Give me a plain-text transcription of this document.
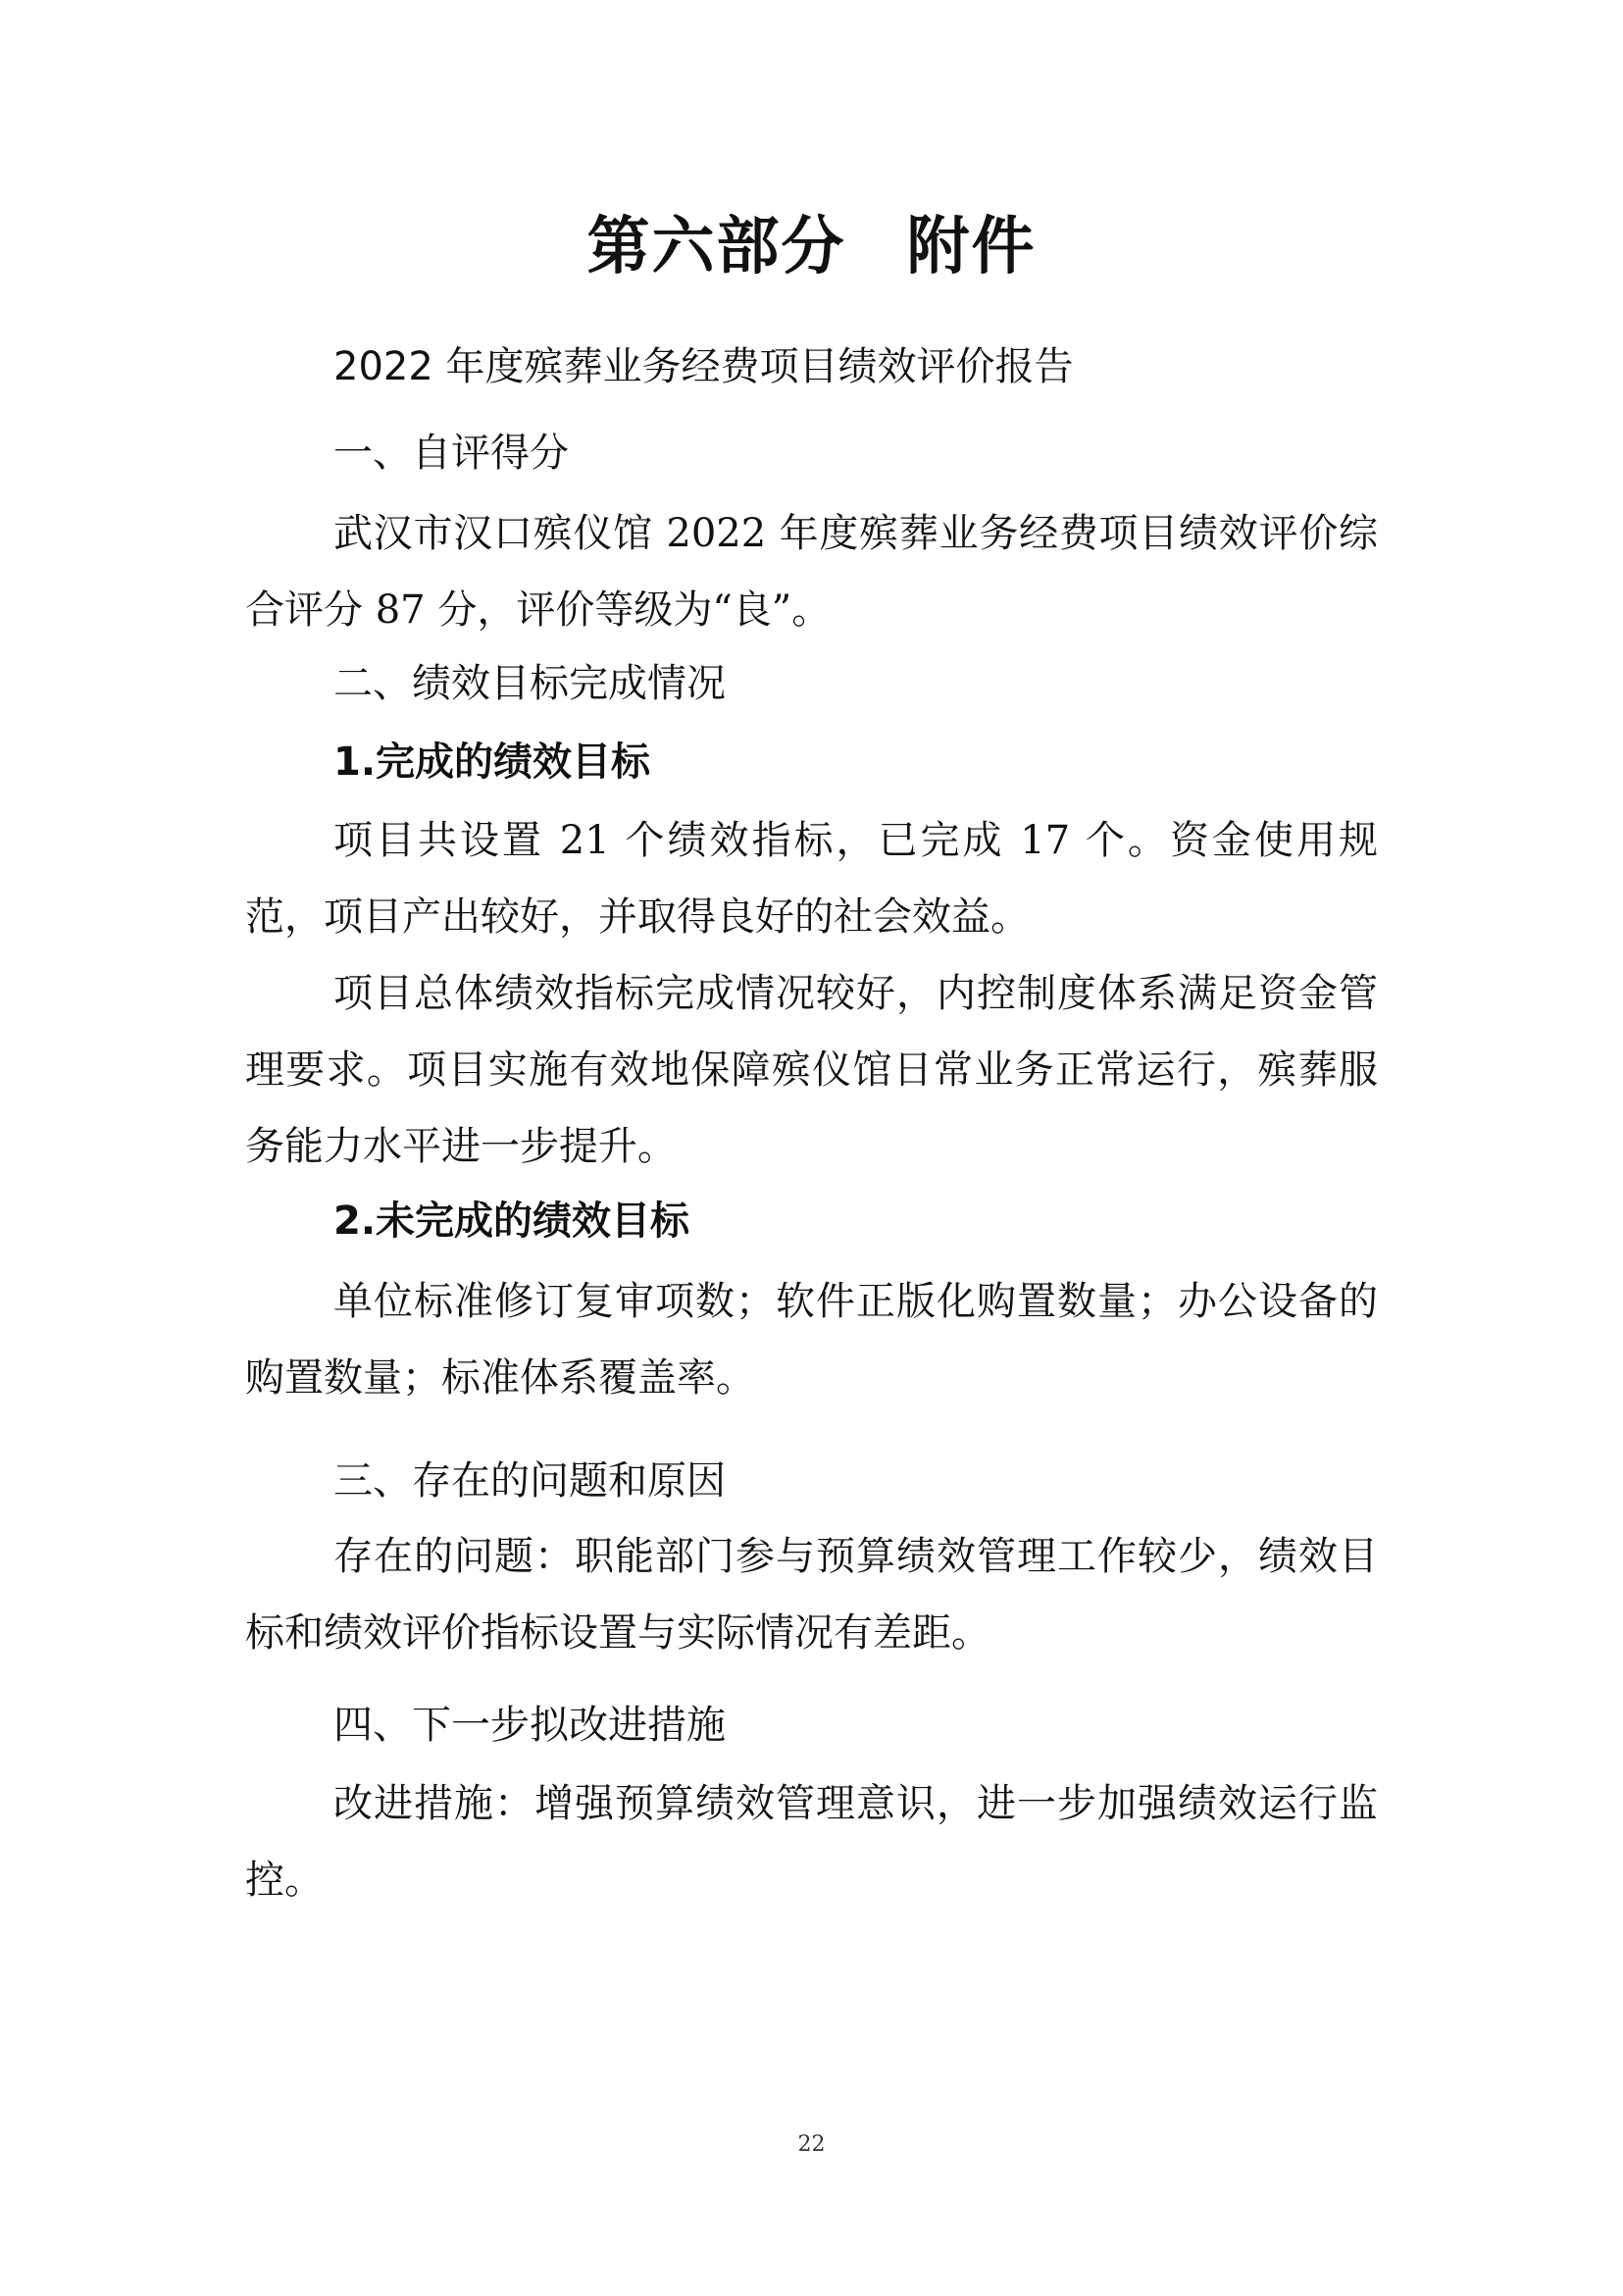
第六部分 附件
2022 年度殡葬业务经费项目绩效评价报告
一、自评得分

武汉市汉口殡仪馆 2022 年度殡葬业务经费项目绩效评价综合评分 87 分，评价等级为“良”。

二、绩效目标完成情况
1.完成的绩效目标

项目共设置 21 个绩效指标，已完成 17 个。资金使用规范，项目产出较好，并取得良好的社会效益。

项目总体绩效指标完成情况较好，内控制度体系满足资金管理要求。项目实施有效地保障殡仪馆日常业务正常运行，殡葬服务能力水平进一步提升。

2.未完成的绩效目标

单位标准修订复审项数；软件正版化购置数量；办公设备的购置数量；标准体系覆盖率。

三、存在的问题和原因

存在的问题：职能部门参与预算绩效管理工作较少，绩效目标和绩效评价指标设置与实际情况有差距。

四、下一步拟改进措施

改进措施：增强预算绩效管理意识，进一步加强绩效运行监控。

22
